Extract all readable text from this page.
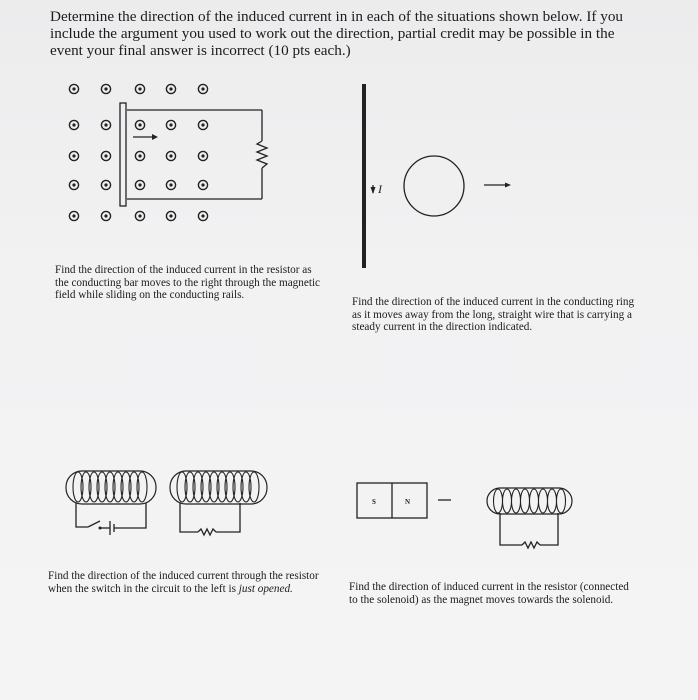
Determine the direction of the induced current in in each of the situations shown below. If you include the argument you used to work out the direction, partial credit may be possible in the event your final answer is incorrect (10 pts each.)

Find the direction of the induced current in the resistor as the conducting bar moves to the right through the magnetic field while sliding on the conducting rails.

Find the direction of the induced current in the conducting ring as it moves away from the long, straight wire that is carrying a steady current in the direction indicated.

Find the direction of the induced current through the resistor when the switch in the circuit to the left is just opened.	Find the direction of induced current in the resistor (connected to the solenoid) as the magnet moves towards the solenoid.

I
S	N
